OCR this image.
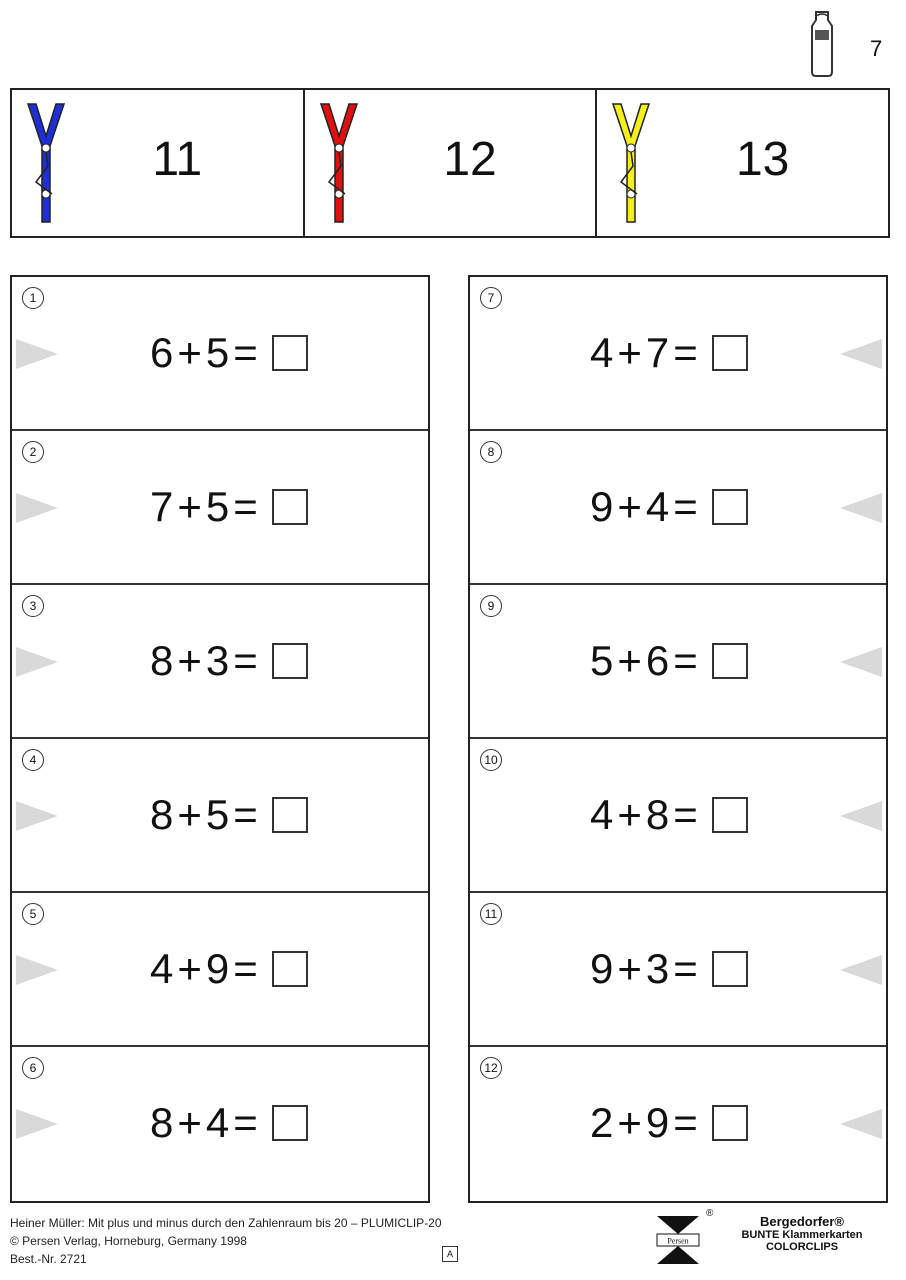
7
11	12	13
1
6 + 5 =
2
7 + 5 =
3
8 + 3 =
4
8 + 5 =
5
4 + 9 =
6
8 + 4 =
7
4 + 7 =
8
9 + 4 =
9
5 + 6 =
10
4 + 8 =
11
9 + 3 =
12
2 + 9 =
Heiner Müller: Mit plus und minus durch den Zahlenraum bis 20 – PLUMICLIP-20
© Persen Verlag, Horneburg, Germany 1998
Best.-Nr. 2721	A
Persen
®
Bergedorfer®
BUNTE Klammerkarten
COLORCLIPS
